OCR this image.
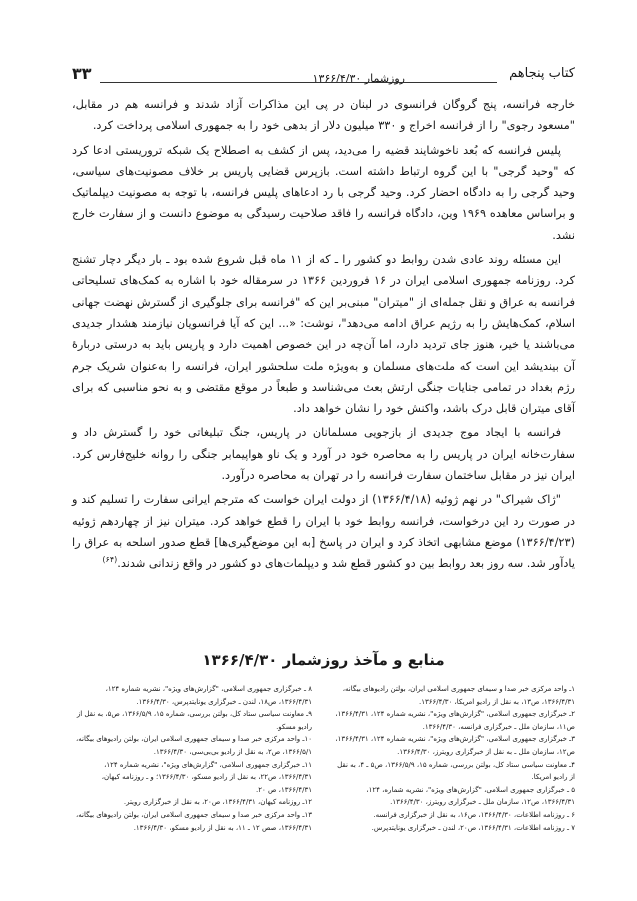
کتاب پنجاهم
روزشمار ۱۳۶۶/۴/۳۰
۳۳

خارجه فرانسه، پنج گروگان فرانسوی در لبنان در پی این مذاکرات آزاد شدند و فرانسه هم در مقابل، "مسعود رجوی" را از فرانسه اخراج و ۳۳۰ میلیون دلار از بدهی خود را به جمهوری اسلامی پرداخت کرد.

پلیس فرانسه که بُعد ناخوشایند قضیه را می‌دید، پس از کشف به اصطلاح یک شبکه تروریستی ادعا کرد که "وحید گرجی" با این گروه ارتباط داشته است. بازپرس قضایی پاریس بر خلاف مصونیت‌های سیاسی، وحید گرجی را به دادگاه احضار کرد. وحید گرجی با رد ادعاهای پلیس فرانسه، با توجه به مصونیت دیپلماتیک و براساس معاهده ۱۹۶۹ وین، دادگاه فرانسه را فاقد صلاحیت رسیدگی به موضوع دانست و از سفارت خارج نشد.

این مسئله روند عادی شدن روابط دو کشور را ـ که از ۱۱ ماه قبل شروع شده بود ـ بار دیگر دچار تشنج کرد. روزنامه جمهوری اسلامی ایران در ۱۶ فروردین ۱۳۶۶ در سرمقاله خود با اشاره به کمک‌های تسلیحاتی فرانسه به عراق و نقل جمله‌ای از "میتران" مبنی‌بر این که "فرانسه برای جلوگیری از گسترش نهضت جهانی اسلام، کمک‌هایش را به رژیم عراق ادامه می‌دهد"، نوشت: «... این که آیا فرانسویان نیازمند هشدار جدیدی می‌باشند یا خیر، هنوز جای تردید دارد، اما آن‌چه در این خصوص اهمیت دارد و پاریس باید به درستی دربارهٔ آن بیندیشد این است که ملت‌های مسلمان و به‌ویژه ملت سلحشور ایران، فرانسه را به‌عنوان شریک جرم رژم بغداد در تمامی جنایات جنگی ارتش بعث می‌شناسد و طبعاً در موقع مقتضی و به نحو مناسبی که برای آقای میتران قابل درک باشد، واکنش خود را نشان خواهد داد.

فرانسه با ایجاد موج جدیدی از بازجویی مسلمانان در پاریس، جنگ تبلیغاتی خود را گسترش داد و سفارت‌خانه ایران در پاریس را به محاصره خود در آورد و یک ناو هواپیمابر جنگی را روانه خلیج‌فارس کرد. ایران نیز در مقابل ساختمان سفارت فرانسه را در تهران به محاصره درآورد.

"ژاک شیراک" در نهم ژوئیه (۱۳۶۶/۴/۱۸) از دولت ایران خواست که مترجم ایرانی سفارت را تسلیم کند و در صورت رد این درخواست، فرانسه روابط خود با ایران را قطع خواهد کرد. میتران نیز از چهاردهم ژوئیه (۱۳۶۶/۴/۲۳) موضع مشابهی اتخاذ کرد و ایران در پاسخ [به این موضع‌گیری‌ها] قطع صدور اسلحه به عراق را یادآور شد. سه روز بعد روابط بین دو کشور قطع شد و دیپلمات‌های دو کشور در واقع زندانی شدند.$^{(۶۴)}$

منابع و مآخذ روزشمار ۱۳۶۶/۴/۳۰
۱ـ واحد مرکزی خبر صدا و سیمای جمهوری اسلامی ایران، بولتن رادیوهای بیگانه، ۱۳۶۶/۴/۳۱، ص۱۳، به نقل از رادیو امریکا، ۱۳۶۶/۴/۳۰.
۲ـ خبرگزاری جمهوری اسلامی، "گزارش‌های ویژه"، نشریه شماره ۱۲۴، ۱۳۶۶/۴/۳۱، ص۱۱، سازمان ملل ـ خبرگزاری فرانسه، ۱۳۶۶/۴/۳۰.
۳ـ خبرگزاری جمهوری اسلامی، "گزارش‌های ویژه"، نشریه شماره ۱۲۴، ۱۳۶۶/۴/۳۱، ص۱۲، سازمان ملل ـ به نقل از خبرگزاری رویترز، ۱۳۶۶/۴/۳۰.
۴ـ معاونت سیاسی ستاد کل، بولتن بررسی، شماره ۱۵، ۱۳۶۶/۵/۹، ص۵ ـ ۴، به نقل از رادیو امریکا.
۵ ـ خبرگزاری جمهوری اسلامی، "گزارش‌های ویژه"، نشریه شماره، ۱۲۴، ۱۳۶۶/۴/۳۱، ص۱۲، سازمان ملل ـ خبرگزاری رویترز، ۱۳۶۶/۴/۳۰.
۶ ـ روزنامه اطلاعات، ۱۳۶۶/۴/۳۰، ص۱۶، به نقل از خبرگزاری فرانسه.
۷ ـ روزنامه اطلاعات، ۱۳۶۶/۴/۳۱، ص۲۰، لندن ـ خبرگزاری یونایتدپرس.
۸ ـ خبرگزاری جمهوری اسلامی، "گزارش‌های ویژه"، نشریه شماره ۱۲۴، ۱۳۶۶/۴/۳۱، ص۱۸، لندن ـ خبرگزاری یونایتدپرس، ۱۳۶۶/۴/۳۰.
۹ـ معاونت سیاسی ستاد کل، بولتن بررسی، شماره ۱۵، ۱۳۶۶/۵/۹، ص۵، به نقل از رادیو مسکو.
۱۰ـ واحد مرکزی خبر صدا و سیمای جمهوری اسلامی ایران، بولتن رادیوهای بیگانه، ۱۳۶۶/۵/۱، ص۲، به نقل از رادیو بی‌بی‌سی، ۱۳۶۶/۴/۳۰.
۱۱ـ خبرگزاری جمهوری اسلامی، "گزارش‌های ویژه"، نشریه شماره ۱۲۴، ۱۳۶۶/۴/۳۱، ص۲۲، به نقل از رادیو مسکو، ۱۳۶۶/۴/۳۰؛ و ـ روزنامه کیهان، ۱۳۶۶/۴/۳۱، ص ۲۰.
۱۲ـ روزنامه کیهان، ۱۳۶۶/۴/۳۱، ص۲۰، به نقل از خبرگزاری رویتر.
۱۳ـ واحد مرکزی خبر صدا و سیمای جمهوری اسلامی ایران، بولتن رادیوهای بیگانه، ۱۳۶۶/۴/۳۱، صص ۱۲ ـ ۱۱، به نقل از رادیو مسکو، ۱۳۶۶/۴/۳۰.
